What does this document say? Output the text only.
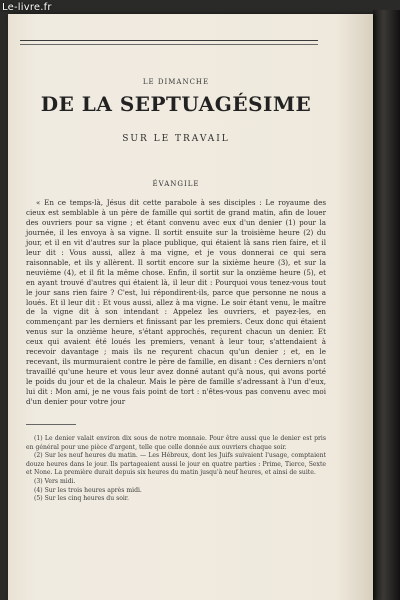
Le-livre.fr

LE DIMANCHE

DE LA SEPTUAGÉSIME

SUR LE TRAVAIL

ÉVANGILE

« En ce temps-là, Jésus dit cette parabole à ses disciples : Le royaume des cieux est semblable à un père de famille qui sortit de grand matin, afin de louer des ouvriers pour sa vigne ; et étant convenu avec eux d'un denier (1) pour la journée, il les envoya à sa vigne. Il sortit ensuite sur la troisième heure (2) du jour, et il en vit d'autres sur la place publique, qui étaient là sans rien faire, et il leur dit : Vous aussi, allez à ma vigne, et je vous donnerai ce qui sera raisonnable, et ils y allèrent. Il sortit encore sur la sixième heure (3), et sur la neuvième (4), et il fit la même chose. Enfin, il sortit sur la onzième heure (5), et en ayant trouvé d'autres qui étaient là, il leur dit : Pourquoi vous tenez-vous tout le jour sans rien faire ? C'est, lui répondirent-ils, parce que personne ne nous a loués. Et il leur dit : Et vous aussi, allez à ma vigne. Le soir étant venu, le maître de la vigne dit à son intendant : Appelez les ouvriers, et payez-les, en commençant par les derniers et finissant par les premiers. Ceux donc qui étaient venus sur la onzième heure, s'étant approchés, reçurent chacun un denier. Et ceux qui avaient été loués les premiers, venant à leur tour, s'attendaient à recevoir davantage ; mais ils ne reçurent chacun qu'un denier ; et, en le recevant, ils murmuraient contre le père de famille, en disant : Ces derniers n'ont travaillé qu'une heure et vous leur avez donné autant qu'à nous, qui avons porté le poids du jour et de la chaleur. Mais le père de famille s'adressant à l'un d'eux, lui dit : Mon ami, je ne vous fais point de tort : n'êtes-vous pas convenu avec moi d'un denier pour votre jour

(1) Le denier valait environ dix sous de notre monnaie. Pour être aussi que le denier est pris en général pour une pièce d'argent, telle que celle donnée aux ouvriers chaque soir.

(2) Sur les neuf heures du matin. — Les Hébreux, dont les Juifs suivaient l'usage, comptaient douze heures dans le jour. Ils partageaient aussi le jour en quatre parties : Prime, Tierce, Sexte et None. La première durait depuis six heures du matin jusqu'à neuf heures, et ainsi de suite.

(3) Vers midi.

(4) Sur les trois heures après midi.

(5) Sur les cinq heures du soir.
